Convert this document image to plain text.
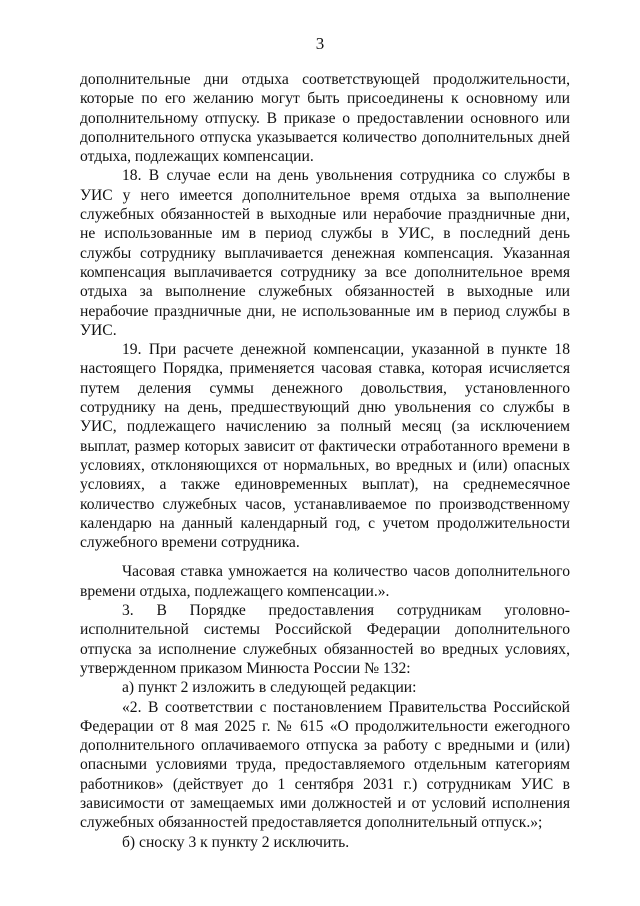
3

дополнительные дни отдыха соответствующей продолжительности, которые по его желанию могут быть присоединены к основному или дополнительному отпуску. В приказе о предоставлении основного или дополнительного отпуска указывается количество дополнительных дней отдыха, подлежащих компенсации.

18. В случае если на день увольнения сотрудника со службы в УИС у него имеется дополнительное время отдыха за выполнение служебных обязанностей в выходные или нерабочие праздничные дни, не использованные им в период службы в УИС, в последний день службы сотруднику выплачивается денежная компенсация. Указанная компенсация выплачивается сотруднику за все дополнительное время отдыха за выполнение служебных обязанностей в выходные или нерабочие праздничные дни, не использованные им в период службы в УИС.

19. При расчете денежной компенсации, указанной в пункте 18 настоящего Порядка, применяется часовая ставка, которая исчисляется путем деления суммы денежного довольствия, установленного сотруднику на день, предшествующий дню увольнения со службы в УИС, подлежащего начислению за полный месяц (за исключением выплат, размер которых зависит от фактически отработанного времени в условиях, отклоняющихся от нормальных, во вредных и (или) опасных условиях, а также единовременных выплат), на среднемесячное количество служебных часов, устанавливаемое по производственному календарю на данный календарный год, с учетом продолжительности служебного времени сотрудника.

Часовая ставка умножается на количество часов дополнительного времени отдыха, подлежащего компенсации.».

3. В Порядке предоставления сотрудникам уголовно-исполнительной системы Российской Федерации дополнительного отпуска за исполнение служебных обязанностей во вредных условиях, утвержденном приказом Минюста России № 132:

а) пункт 2 изложить в следующей редакции:

«2. В соответствии с постановлением Правительства Российской Федерации от 8 мая 2025 г. № 615 «О продолжительности ежегодного дополнительного оплачиваемого отпуска за работу с вредными и (или) опасными условиями труда, предоставляемого отдельным категориям работников» (действует до 1 сентября 2031 г.) сотрудникам УИС в зависимости от замещаемых ими должностей и от условий исполнения служебных обязанностей предоставляется дополнительный отпуск.»;

б) сноску 3 к пункту 2 исключить.
